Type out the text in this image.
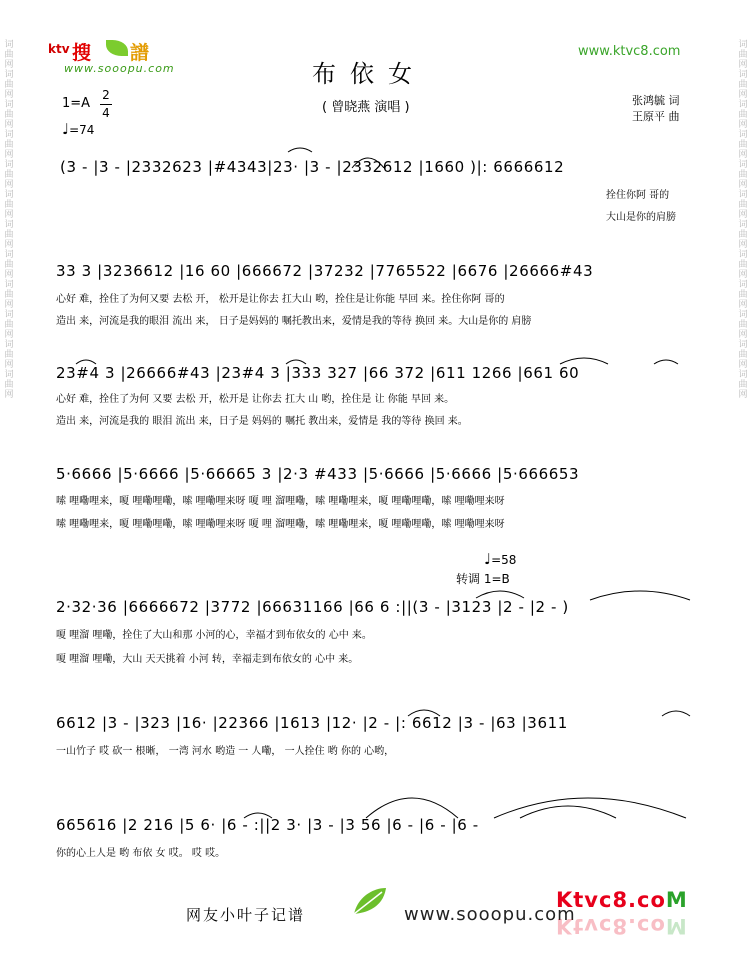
词曲网词曲网词曲网词曲网词曲网词曲网词曲网词曲网词曲网词曲网词曲网词曲网
词曲网词曲网词曲网词曲网词曲网词曲网词曲网词曲网词曲网词曲网词曲网词曲网
ktv 搜 譜
www.sooopu.com
www.ktvc8.com
布依女
( 曾晓燕 演唱 )	张鸿毓 词
王原平 曲
1=A
2
4
♩=74
(3 - |3 - |2332623 |#4343|23· |3 - |2332612 |1660 )|: 6666612
拴住你阿 哥的
大山是你的肩膀
33 3 |3236612 |16 60 |666672 |37232 |7765522 |6676 |26666#43
心好 难，拴住了为何又要 去松 开， 松开是让你去 扛大山 哟，拴住是让你能 早回 来。拴住你阿 哥的
造出 来，河流是我的眼泪 流出 来， 日子是妈妈的 嘱托教出来，爱情是我的等待 换回 来。大山是你的 肩膀
23#4 3 |26666#43 |23#4 3 |333 327 |66 372 |611 1266 |661 60
心好 难，拴住了为何 又要 去松 开，松开是 让你去 扛大 山 哟，拴住是 让 你能 早回 来。
造出 来，河流是我的 眼泪 流出 来，日子是 妈妈的 嘱托 教出来，爱情是 我的等待 换回 来。
5·6666 |5·6666 |5·66665 3 |2·3 #433 |5·6666 |5·6666 |5·666653
嗦 哩嘞哩来，嗄 哩嘞哩嘞，嗦 哩嘞哩来呀 嗄 哩 溜哩嘞，嗦 哩嘞哩来，嗄 哩嘞哩嘞，嗦 哩嘞哩来呀
嗦 哩嘞哩来，嗄 哩嘞哩嘞，嗦 哩嘞哩来呀 嗄 哩 溜哩嘞，嗦 哩嘞哩来，嗄 哩嘞哩嘞，嗦 哩嘞哩来呀
♩=58
转调 1=B
2·32·36 |6666672 |3772 |66631166 |66 6 :||(3 - |3123 |2 - |2 - )
嗄 哩溜 哩嘞，拴住了大山和那 小河的心，幸福才到布依女的 心中 来。
嗄 哩溜 哩嘞，大山 天天挑着 小河 转，幸福走到布依女的 心中 来。
6612 |3 - |323 |16· |22366 |1613 |12· |2 - |: 6612 |3 - |63 |3611
一山竹子 哎 砍一 根晰， 一湾 河水 哟造 一 人嘞， 一人拴住 哟 你的 心哟，
665616 |2 216 |5 6· |6 - :||2 3· |3 - |3 56 |6 - |6 - |6 -
你的心上人是 哟 布依 女 哎。 哎 哎。
网友小叶子记谱	www.sooopu.com
Ktvc8.coM
Ktvc8.coM
